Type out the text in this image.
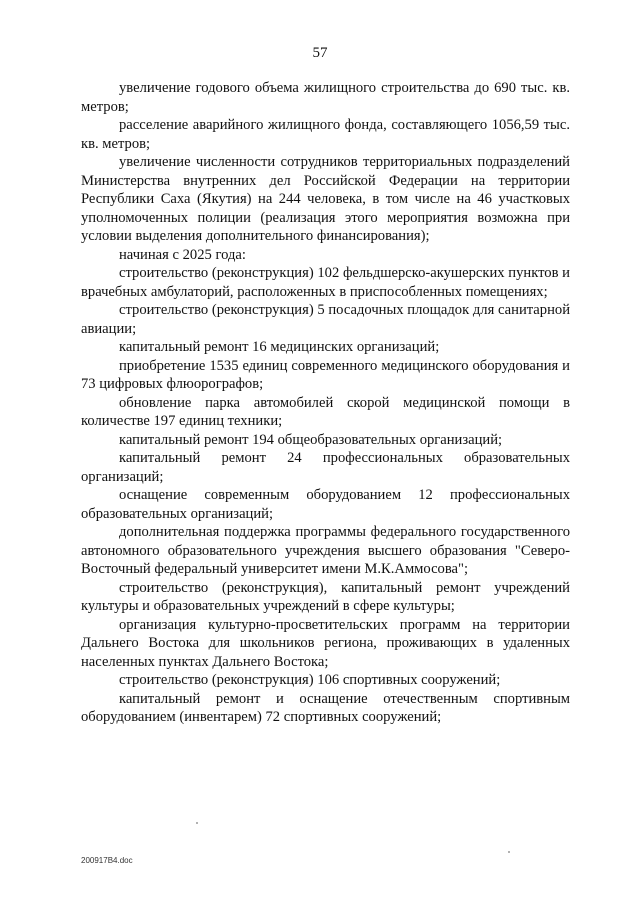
57

увеличение годового объема жилищного строительства до 690 тыс. кв. метров;

расселение аварийного жилищного фонда, составляющего 1056,59 тыс. кв. метров;

увеличение численности сотрудников территориальных подразделений Министерства внутренних дел Российской Федерации на территории Республики Саха (Якутия) на 244 человека, в том числе на 46 участковых уполномоченных полиции (реализация этого мероприятия возможна при условии выделения дополнительного финансирования);

начиная с 2025 года:

строительство (реконструкция) 102 фельдшерско-акушерских пунктов и врачебных амбулаторий, расположенных в приспособленных помещениях;

строительство (реконструкция) 5 посадочных площадок для санитарной авиации;

капитальный ремонт 16 медицинских организаций;

приобретение 1535 единиц современного медицинского оборудования и 73 цифровых флюорографов;

обновление парка автомобилей скорой медицинской помощи в количестве 197 единиц техники;

капитальный ремонт 194 общеобразовательных организаций;

капитальный ремонт 24 профессиональных образовательных организаций;

оснащение современным оборудованием 12 профессиональных образовательных организаций;

дополнительная поддержка программы федерального государственного автономного образовательного учреждения высшего образования "Северо-Восточный федеральный университет имени М.К.Аммосова";

строительство (реконструкция), капитальный ремонт учреждений культуры и образовательных учреждений в сфере культуры;

организация культурно-просветительских программ на территории Дальнего Востока для школьников региона, проживающих в удаленных населенных пунктах Дальнего Востока;

строительство (реконструкция) 106 спортивных сооружений;

капитальный ремонт и оснащение отечественным спортивным оборудованием (инвентарем) 72 спортивных сооружений;

200917B4.doc
